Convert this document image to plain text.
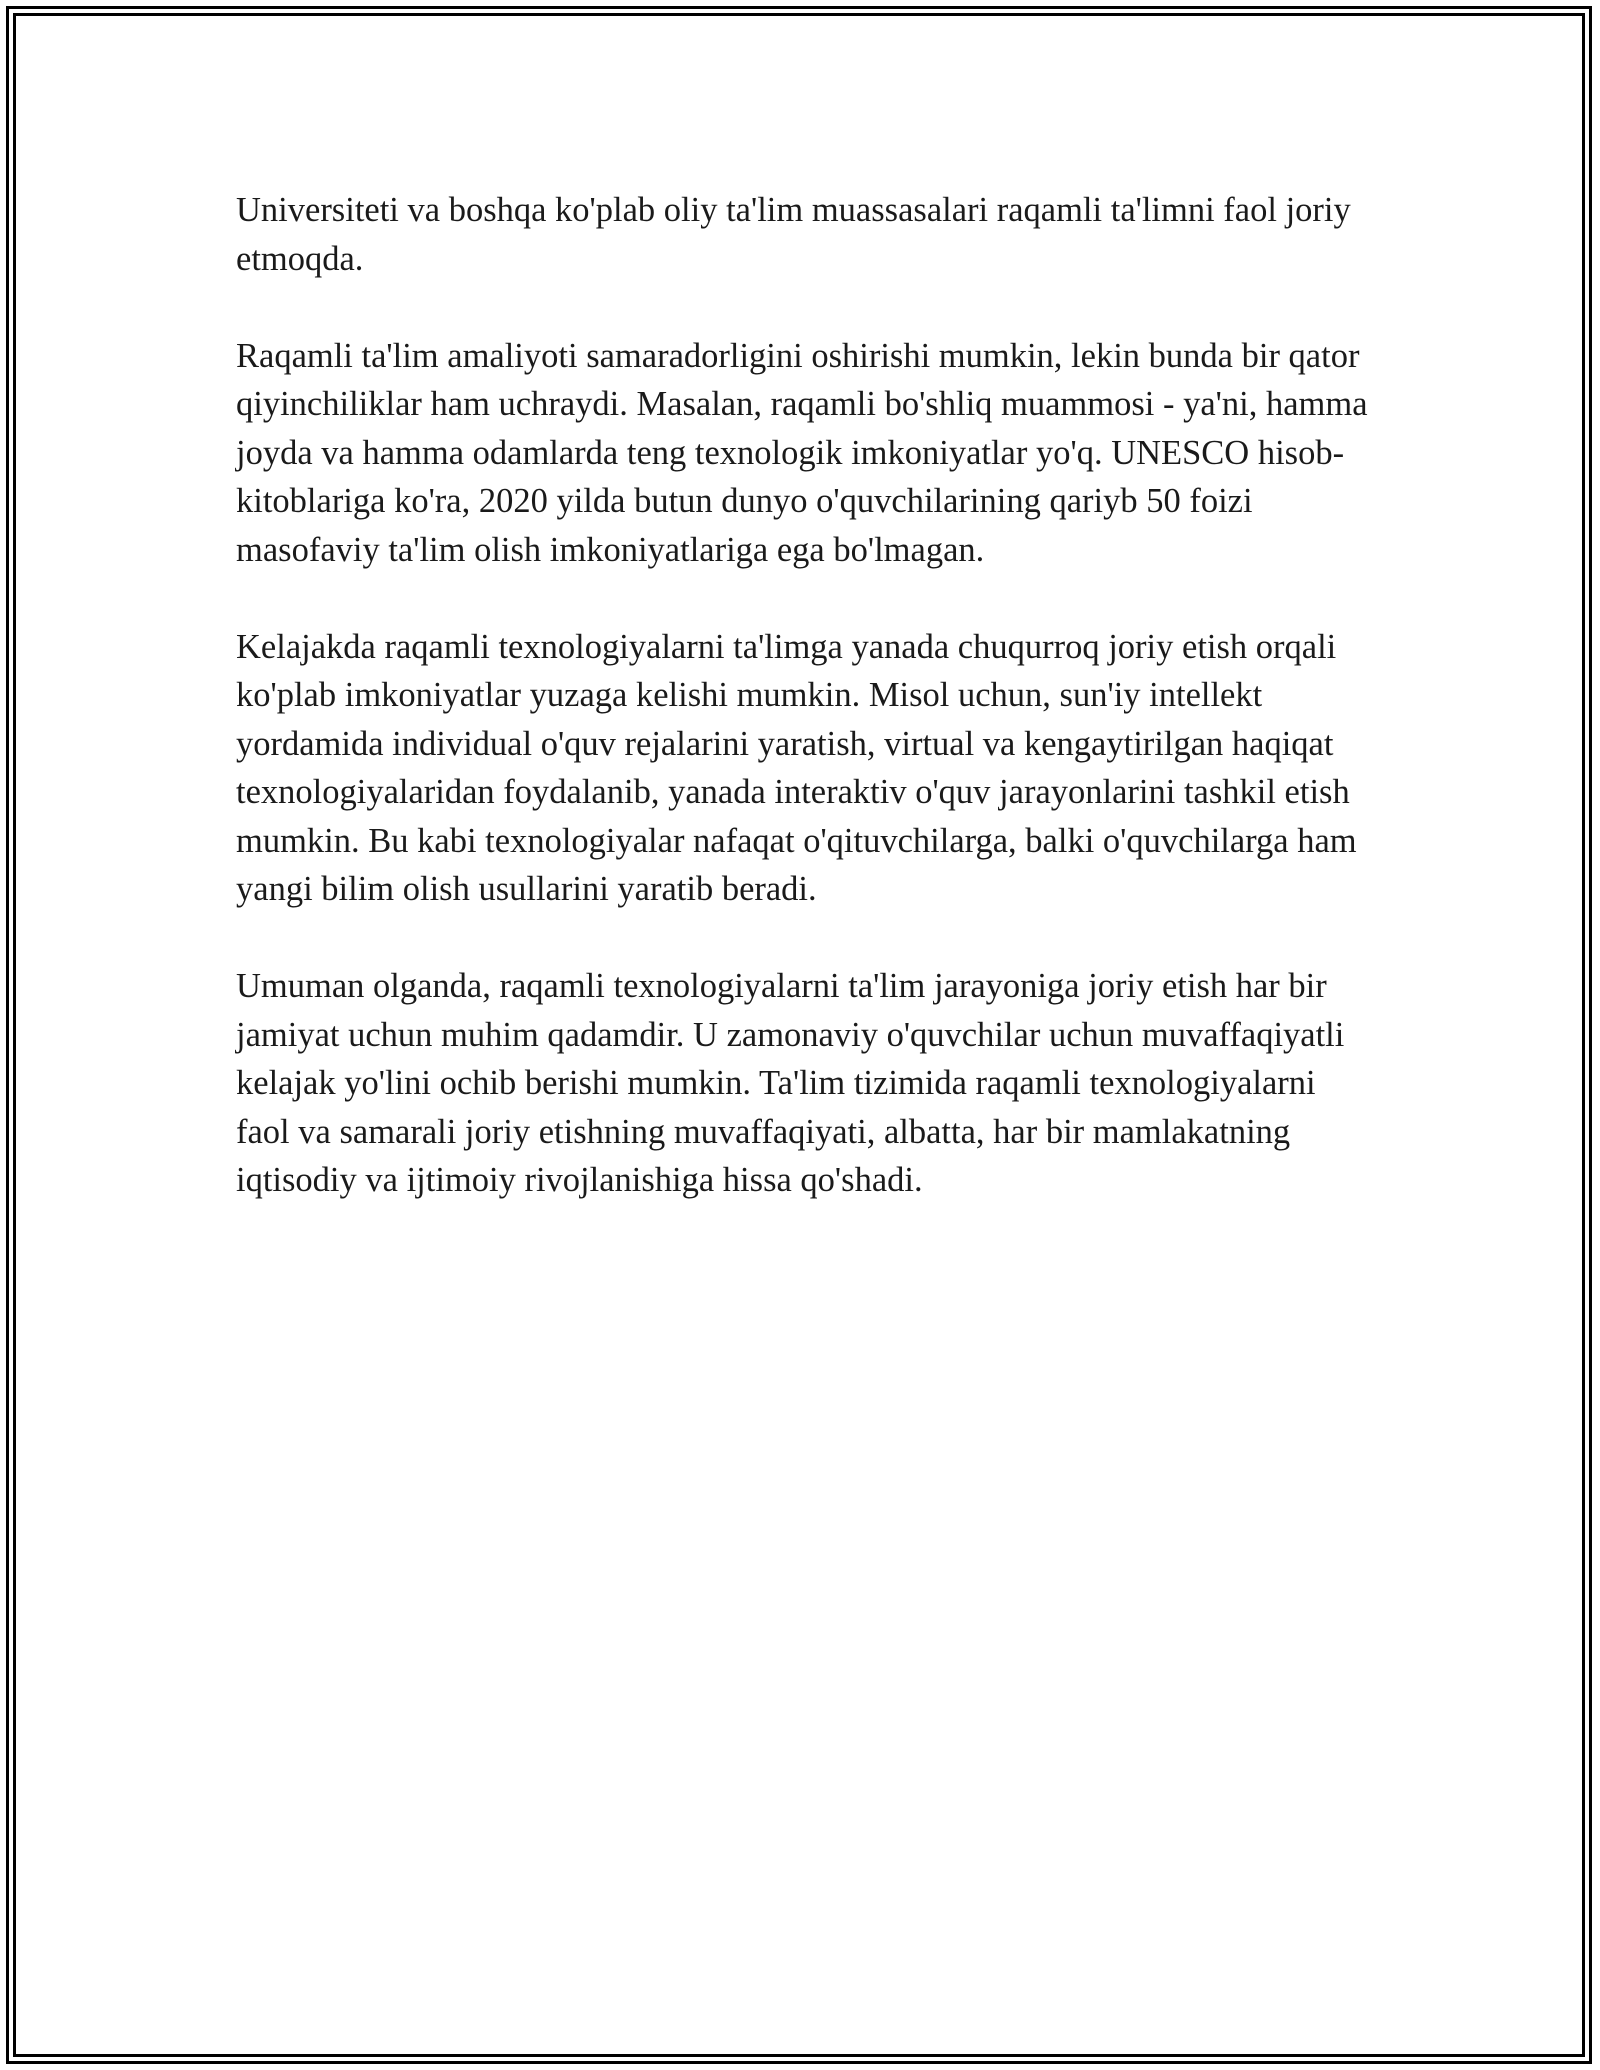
Universiteti va boshqa ko'plab oliy ta'lim muassasalari raqamli ta'limni faol joriy etmoqda.

Raqamli ta'lim amaliyoti samaradorligini oshirishi mumkin, lekin bunda bir qator qiyinchiliklar ham uchraydi. Masalan, raqamli bo'shliq muammosi - ya'ni, hamma joyda va hamma odamlarda teng texnologik imkoniyatlar yo'q. UNESCO hisob-kitoblariga ko'ra, 2020 yilda butun dunyo o'quvchilarining qariyb 50 foizi masofaviy ta'lim olish imkoniyatlariga ega bo'lmagan.

Kelajakda raqamli texnologiyalarni ta'limga yanada chuqurroq joriy etish orqali ko'plab imkoniyatlar yuzaga kelishi mumkin. Misol uchun, sun'iy intellekt yordamida individual o'quv rejalarini yaratish, virtual va kengaytirilgan haqiqat texnologiyalaridan foydalanib, yanada interaktiv o'quv jarayonlarini tashkil etish mumkin. Bu kabi texnologiyalar nafaqat o'qituvchilarga, balki o'quvchilarga ham yangi bilim olish usullarini yaratib beradi.

Umuman olganda, raqamli texnologiyalarni ta'lim jarayoniga joriy etish har bir jamiyat uchun muhim qadamdir. U zamonaviy o'quvchilar uchun muvaffaqiyatli kelajak yo'lini ochib berishi mumkin. Ta'lim tizimida raqamli texnologiyalarni faol va samarali joriy etishning muvaffaqiyati, albatta, har bir mamlakatning iqtisodiy va ijtimoiy rivojlanishiga hissa qo'shadi.
